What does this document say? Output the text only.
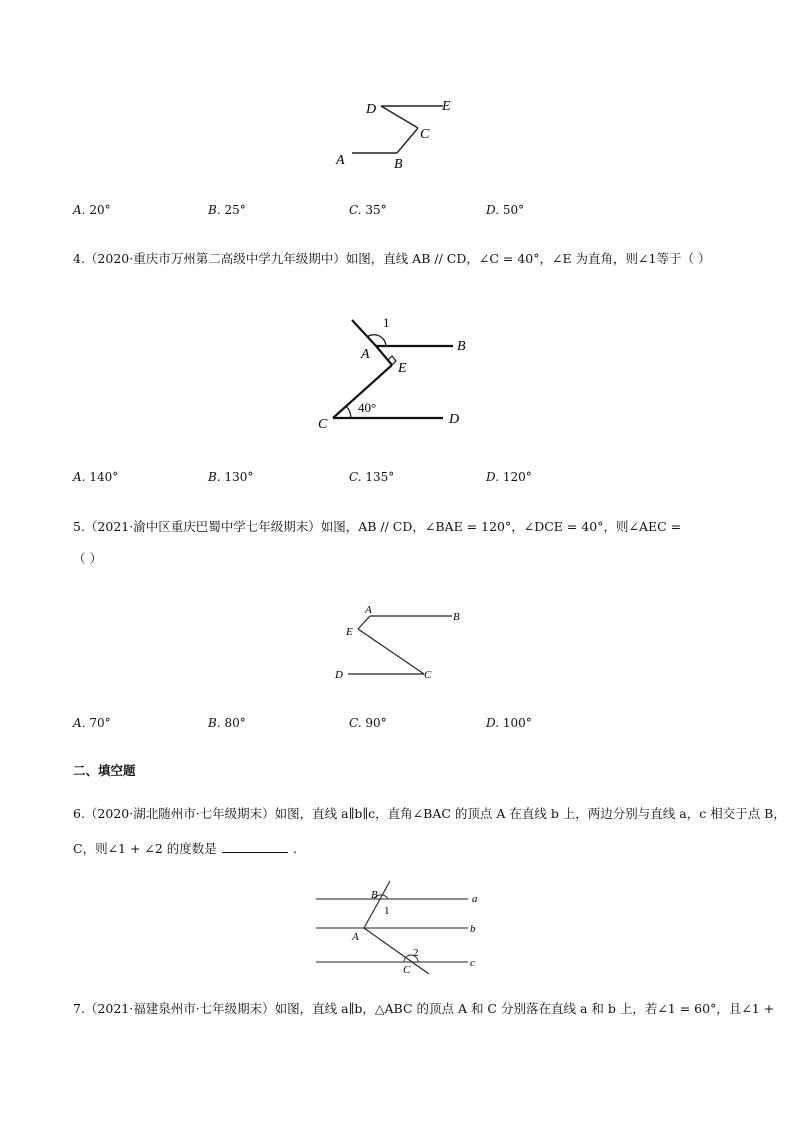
D	E
C
A	B
A. 20°	B. 25°	C. 35°	D. 50°
4.（2020·重庆市万州第二高级中学九年级期中）如图，直线 AB // CD，∠C = 40°，∠E 为直角，则∠1等于（ ）
1
A
B
E
40°
C	D
A. 140°	B. 130°	C. 135°	D. 120°
5.（2021·渝中区重庆巴蜀中学七年级期末）如图，AB // CD，∠BAE = 120°，∠DCE = 40°，则∠AEC =
（ ）
A
B
E
D	C
A. 70°	B. 80°	C. 90°	D. 100°
二、填空题
6.（2020·湖北随州市·七年级期末）如图，直线 a∥b∥c，直角∠BAC 的顶点 A 在直线 b 上，两边分别与直线 a，c 相交于点 B，
C，则∠1 + ∠2 的度数是	.
B
1
a
A
b
2
C
c
7.（2021·福建泉州市·七年级期末）如图，直线 a∥b，△ABC 的顶点 A 和 C 分别落在直线 a 和 b 上，若∠1 = 60°，且∠1 +
